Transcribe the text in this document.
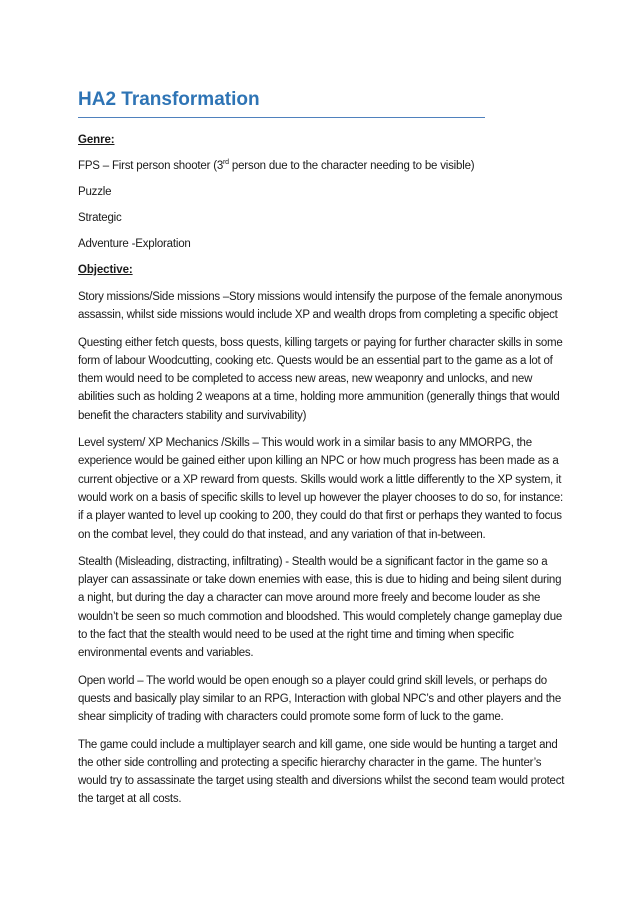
HA2 Transformation
Genre:
FPS – First person shooter (3rd person due to the character needing to be visible)
Puzzle
Strategic
Adventure -Exploration
Objective:

Story missions/Side missions –Story missions would intensify the purpose of the female anonymous assassin, whilst side missions would include XP and wealth drops from completing a specific object

Questing either fetch quests, boss quests, killing targets or paying for further character skills in some form of labour Woodcutting, cooking etc. Quests would be an essential part to the game as a lot of them would need to be completed to access new areas, new weaponry and unlocks, and new abilities such as holding 2 weapons at a time, holding more ammunition (generally things that would benefit the characters stability and survivability)

Level system/ XP Mechanics /Skills – This would work in a similar basis to any MMORPG, the experience would be gained either upon killing an NPC or how much progress has been made as a current objective or a XP reward from quests. Skills would work a little differently to the XP system, it would work on a basis of specific skills to level up however the player chooses to do so, for instance: if a player wanted to level up cooking to 200, they could do that first or perhaps they wanted to focus on the combat level, they could do that instead, and any variation of that in-between.

Stealth (Misleading, distracting, infiltrating) - Stealth would be a significant factor in the game so a player can assassinate or take down enemies with ease, this is due to hiding and being silent during a night, but during the day a character can move around more freely and become louder as she wouldn’t be seen so much commotion and bloodshed. This would completely change gameplay due to the fact that the stealth would need to be used at the right time and timing when specific environmental events and variables.

Open world – The world would be open enough so a player could grind skill levels, or perhaps do quests and basically play similar to an RPG, Interaction with global NPC’s and other players and the shear simplicity of trading with characters could promote some form of luck to the game.

The game could include a multiplayer search and kill game, one side would be hunting a target and the other side controlling and protecting a specific hierarchy character in the game. The hunter’s would try to assassinate the target using stealth and diversions whilst the second team would protect the target at all costs.
